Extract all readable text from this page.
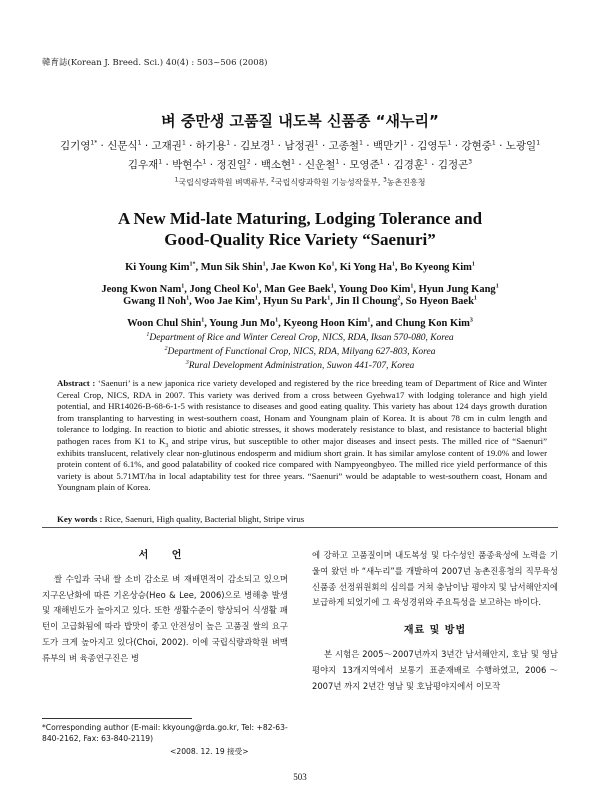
韓育誌(Korean J. Breed. Sci.) 40(4) : 503~506 (2008)
벼 중만생 고품질 내도복 신품종 “새누리”
김기영$^{1*}$ · 신문식$^1$ · 고재권$^1$ · 하기용$^1$ · 김보경$^1$ · 남정권$^1$ · 고종철$^1$ · 백만기$^1$ · 김영두$^1$ · 강현중$^1$ · 노광일$^1$
김우재$^1$ · 박현수$^1$ · 정진일$^2$ · 백소현$^1$ · 신운철$^1$ · 모영준$^1$ · 김경훈$^1$ · 김정곤$^3$
$^1$국립식량과학원 벼맥류부, $^2$국립식량과학원 기능성작물부, $^3$농촌진흥청
A New Mid-late Maturing, Lodging Tolerance and
Good-Quality Rice Variety “Saenuri”
Ki Young Kim$^{1*}$, Mun Sik Shin$^1$, Jae Kwon Ko$^1$, Ki Yong Ha$^1$, Bo Kyeong Kim$^1$
Jeong Kwon Nam$^1$, Jong Cheol Ko$^1$, Man Gee Baek$^1$, Young Doo Kim$^1$, Hyun Jung Kang$^1$
Gwang Il Noh$^1$, Woo Jae Kim$^1$, Hyun Su Park$^1$, Jin Il Choung$^2$, So Hyeon Baek$^1$
Woon Chul Shin$^1$, Young Jun Mo$^1$, Kyeong Hoon Kim$^1$, and Chung Kon Kim$^3$
$^1$Department of Rice and Winter Cereal Crop, NICS, RDA, Iksan 570-080, Korea
$^2$Department of Functional Crop, NICS, RDA, Milyang 627-803, Korea
$^3$Rural Development Administration, Suwon 441-707, Korea
Abstract : ‘Saenuri’ is a new japonica rice variety developed and registered by the rice breeding team of Department of Rice and Winter Cereal Crop, NICS, RDA in 2007. This variety was derived from a cross between Gyehwa17 with lodging tolerance and high yield potential, and HR14026-B-68-6-1-5 with resistance to diseases and good eating quality. This variety has about 124 days growth duration from transplanting to harvesting in west-southern coast, Honam and Youngnam plain of Korea. It is about 78 cm in culm length and tolerance to lodging. In reaction to biotic and abiotic stresses, it shows moderately resistance to blast, and resistance to bacterial blight pathogen races from K1 to $K_3$ and stripe virus, but susceptible to other major diseases and insect pests. The milled rice of “Saenuri” exhibits translucent, relatively clear non-glutinous endosperm and midium short grain. It has similar amylose content of 19.0% and lower protein content of 6.1%, and good palatability of cooked rice compared with Nampyeongbyeo. The milled rice yield performance of this variety is about 5.71MT/ha in local adaptability test for three years. “Saenuri” would be adaptable to west-southern coast, Honam and Youngnam plain of Korea.
Key words : Rice, Saenuri, High quality, Bacterial blight, Stripe virus
서 언

쌀 수입과 국내 쌀 소비 감소로 벼 재배면적이 감소되고 있으며 지구온난화에 따른 기온상승(Heo & Lee, 2006)으로 병해충 발생 및 재해빈도가 높아지고 있다. 또한 생활수준이 향상되어 식생활 패턴이 고급화됨에 따라 밥맛이 좋고 안전성이 높은 고품질 쌀의 요구도가 크게 높아지고 있다(Choi, 2002). 이에 국립식량과학원 벼맥류부의 벼 육종연구진은 병

에 강하고 고품질이며 내도복성 및 다수성인 품종육성에 노력을 기울여 왔던 바 “새누리”를 개발하여 2007년 농촌진흥청의 직무육성 신품종 선정위원회의 심의를 거쳐 충남이남 평야지 및 남서해안지에 보급하게 되었기에 그 육성경위와 주요특성을 보고하는 바이다.

재료 및 방법

본 시험은 2005～2007년까지 3년간 남서해안지, 호남 및 영남평야지 13개지역에서 보통기 표준재배로 수행하였고, 2006～2007년 까지 2년간 영남 및 호남평야지에서 이모작

*Corresponding author (E-mail: kkyoung@rda.go.kr, Tel: +82-63-840-2162, Fax: 63-840-2119)
<2008. 12. 19 接受>
503
